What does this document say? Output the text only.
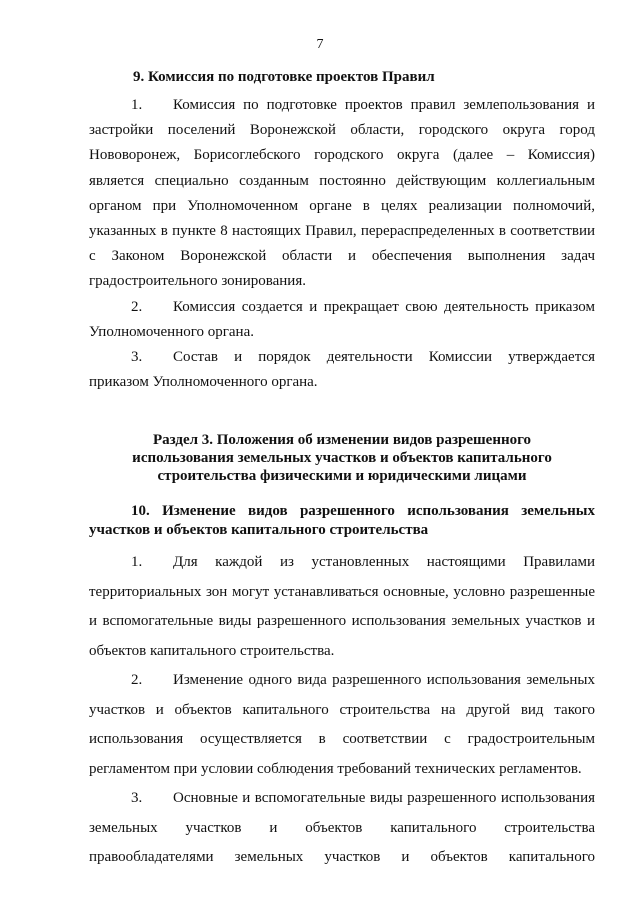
7
9. Комиссия по подготовке проектов Правил

1. Комиссия по подготовке проектов правил землепользования и застройки поселений Воронежской области, городского округа город Нововоронеж, Борисоглебского городского округа (далее – Комиссия) является специально созданным постоянно действующим коллегиальным органом при Уполномоченном органе в целях реализации полномочий, указанных в пункте 8 настоящих Правил, перераспределенных в соответствии с Законом Воронежской области и обеспечения выполнения задач градостроительного зонирования.

2. Комиссия создается и прекращает свою деятельность приказом Уполномоченного органа.

3. Состав и порядок деятельности Комиссии утверждается приказом Уполномоченного органа.

Раздел 3. Положения об изменении видов разрешенного
использования земельных участков и объектов капитального
строительства физическими и юридическими лицами
10. Изменение видов разрешенного использования земельных
участков и объектов капитального строительства

1. Для каждой из установленных настоящими Правилами территориальных зон могут устанавливаться основные, условно разрешенные и вспомогательные виды разрешенного использования земельных участков и объектов капитального строительства.

2. Изменение одного вида разрешенного использования земельных участков и объектов капитального строительства на другой вид такого использования осуществляется в соответствии с градостроительным регламентом при условии соблюдения требований технических регламентов.

3. Основные и вспомогательные виды разрешенного использования земельных участков и объектов капитального строительства правообладателями земельных участков и объектов капитального
